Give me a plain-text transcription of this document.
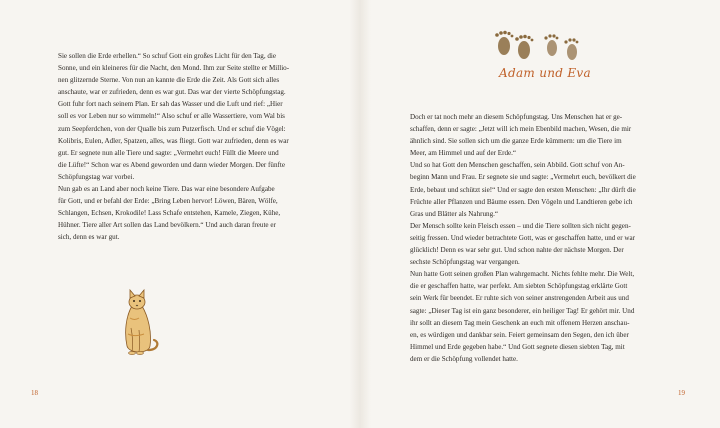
Sie sollen die Erde erhellen.“ So schuf Gott ein großes Licht für den Tag, die

Sonne, und ein kleineres für die Nacht, den Mond. Ihm zur Seite stellte er Millio-

nen glitzernde Sterne. Von nun an kannte die Erde die Zeit. Als Gott sich alles

anschaute, war er zufrieden, denn es war gut. Das war der vierte Schöpfungstag.

Gott fuhr fort nach seinem Plan. Er sah das Wasser und die Luft und rief: „Hier

soll es vor Leben nur so wimmeln!“ Also schuf er alle Wassertiere, vom Wal bis

zum Seepferdchen, von der Qualle bis zum Putzerfisch. Und er schuf die Vögel:

Kolibris, Eulen, Adler, Spatzen, alles, was fliegt. Gott war zufrieden, denn es war

gut. Er segnete nun alle Tiere und sagte: „Vermehrt euch! Füllt die Meere und

die Lüfte!“ Schon war es Abend geworden und dann wieder Morgen. Der fünfte

Schöpfungstag war vorbei.

Nun gab es an Land aber noch keine Tiere. Das war eine besondere Aufgabe

für Gott, und er befahl der Erde: „Bring Leben hervor! Löwen, Bären, Wölfe,

Schlangen, Echsen, Krokodile! Lass Schafe entstehen, Kamele, Ziegen, Kühe,

Hühner. Tiere aller Art sollen das Land bevölkern.“ Und auch daran freute er

sich, denn es war gut.

18
Adam und Eva

Doch er tat noch mehr an diesem Schöpfungstag. Uns Menschen hat er ge-

schaffen, denn er sagte: „Jetzt will ich mein Ebenbild machen, Wesen, die mir

ähnlich sind. Sie sollen sich um die ganze Erde kümmern: um die Tiere im

Meer, am Himmel und auf der Erde.“

Und so hat Gott den Menschen geschaffen, sein Abbild. Gott schuf von An-

beginn Mann und Frau. Er segnete sie und sagte: „Vermehrt euch, bevölkert die

Erde, bebaut und schützt sie!“ Und er sagte den ersten Menschen: „Ihr dürft die

Früchte aller Pflanzen und Bäume essen. Den Vögeln und Landtieren gebe ich

Gras und Blätter als Nahrung.“

Der Mensch sollte kein Fleisch essen – und die Tiere sollten sich nicht gegen-

seitig fressen. Und wieder betrachtete Gott, was er geschaffen hatte, und er war

glücklich! Denn es war sehr gut. Und schon nahte der nächste Morgen. Der

sechste Schöpfungstag war vergangen.

Nun hatte Gott seinen großen Plan wahrgemacht. Nichts fehlte mehr. Die Welt,

die er geschaffen hatte, war perfekt. Am siebten Schöpfungstag erklärte Gott

sein Werk für beendet. Er ruhte sich von seiner anstrengenden Arbeit aus und

sagte: „Dieser Tag ist ein ganz besonderer, ein heiliger Tag! Er gehört mir. Und

ihr sollt an diesem Tag mein Geschenk an euch mit offenem Herzen anschau-

en, es würdigen und dankbar sein. Feiert gemeinsam den Segen, den ich über

Himmel und Erde gegeben habe.“ Und Gott segnete diesen siebten Tag, mit

dem er die Schöpfung vollendet hatte.

19
